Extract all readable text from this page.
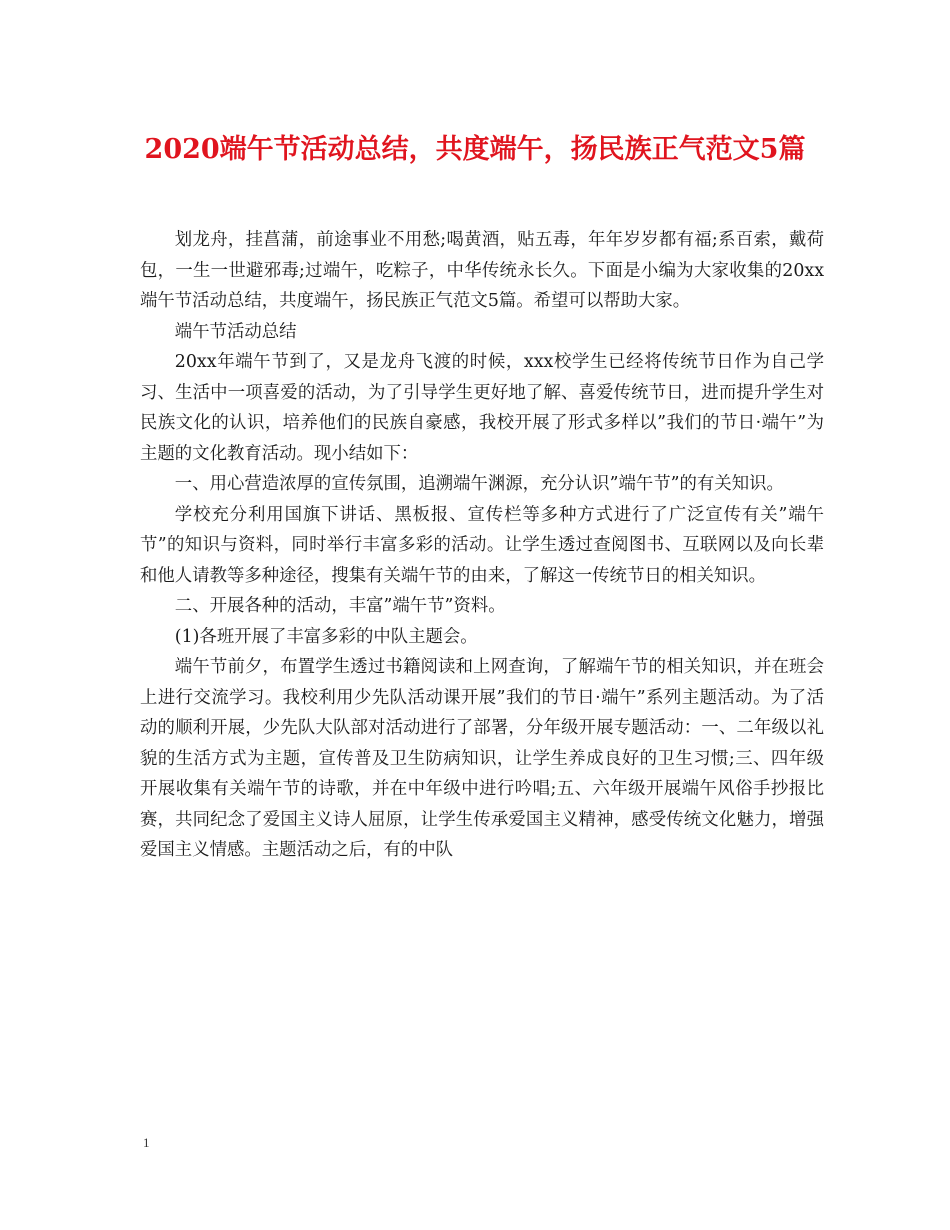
2020端午节活动总结，共度端午，扬民族正气范文5篇

划龙舟，挂菖蒲，前途事业不用愁;喝黄酒，贴五毒，年年岁岁都有福;系百索，戴荷包，一生一世避邪毒;过端午，吃粽子，中华传统永长久。下面是小编为大家收集的20xx端午节活动总结，共度端午，扬民族正气范文5篇。希望可以帮助大家。

端午节活动总结

20xx年端午节到了，又是龙舟飞渡的时候，xxx校学生已经将传统节日作为自己学习、生活中一项喜爱的活动，为了引导学生更好地了解、喜爱传统节日，进而提升学生对民族文化的认识，培养他们的民族自豪感，我校开展了形式多样以”我们的节日·端午”为主题的文化教育活动。现小结如下：

一、用心营造浓厚的宣传氛围，追溯端午渊源，充分认识”端午节”的有关知识。

学校充分利用国旗下讲话、黑板报、宣传栏等多种方式进行了广泛宣传有关”端午节”的知识与资料，同时举行丰富多彩的活动。让学生透过查阅图书、互联网以及向长辈和他人请教等多种途径，搜集有关端午节的由来，了解这一传统节日的相关知识。

二、开展各种的活动，丰富”端午节”资料。

(1)各班开展了丰富多彩的中队主题会。

端午节前夕，布置学生透过书籍阅读和上网查询，了解端午节的相关知识，并在班会上进行交流学习。我校利用少先队活动课开展”我们的节日·端午”系列主题活动。为了活动的顺利开展，少先队大队部对活动进行了部署，分年级开展专题活动：一、二年级以礼貌的生活方式为主题，宣传普及卫生防病知识，让学生养成良好的卫生习惯;三、四年级开展收集有关端午节的诗歌，并在中年级中进行吟唱;五、六年级开展端午风俗手抄报比赛，共同纪念了爱国主义诗人屈原，让学生传承爱国主义精神，感受传统文化魅力，增强爱国主义情感。主题活动之后，有的中队

1
